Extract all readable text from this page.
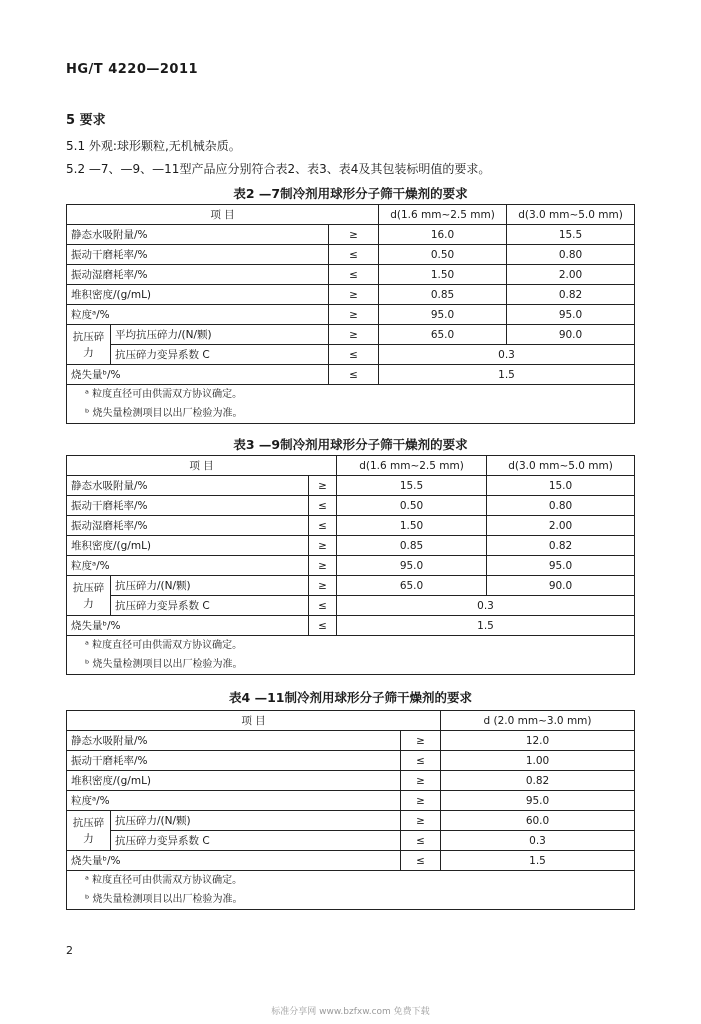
HG/T 4220—2011
5 要求
5.1 外观:球形颗粒,无机械杂质。
5.2 —7、—9、—11型产品应分别符合表2、表3、表4及其包装标明值的要求。
表2 —7制冷剂用球形分子筛干燥剂的要求
项 目			d(1.6 mm~2.5 mm)	d(3.0 mm~5.0 mm)
静态水吸附量/%		≥	16.0	15.5
振动干磨耗率/%		≤	0.50	0.80
振动湿磨耗率/%		≤	1.50	2.00
堆积密度/(g/mL)		≥	0.85	0.82
粒度ᵃ/%		≥	95.0	95.0
抗压碎力	平均抗压碎力/(N/颗)	≥	65.0	90.0
	抗压碎力变异系数 C	≤	0.3	
烧失量ᵇ/%		≤	1.5	
ᵃ 粒度直径可由供需双方协议确定。				
ᵇ 烧失量检测项目以出厂检验为准。				
表3 —9制冷剂用球形分子筛干燥剂的要求
项 目			d(1.6 mm~2.5 mm)	d(3.0 mm~5.0 mm)
静态水吸附量/%		≥	15.5	15.0
振动干磨耗率/%		≤	0.50	0.80
振动湿磨耗率/%		≤	1.50	2.00
堆积密度/(g/mL)		≥	0.85	0.82
粒度ᵃ/%		≥	95.0	95.0
抗压碎力	抗压碎力/(N/颗)	≥	65.0	90.0
	抗压碎力变异系数 C	≤	0.3	
烧失量ᵇ/%		≤	1.5	
ᵃ 粒度直径可由供需双方协议确定。				
ᵇ 烧失量检测项目以出厂检验为准。				
表4 —11制冷剂用球形分子筛干燥剂的要求
项 目			d (2.0 mm~3.0 mm)
静态水吸附量/%		≥	12.0
振动干磨耗率/%		≤	1.00
堆积密度/(g/mL)		≥	0.82
粒度ᵃ/%		≥	95.0
抗压碎力	抗压碎力/(N/颗)	≥	60.0
	抗压碎力变异系数 C	≤	0.3
烧失量ᵇ/%		≤	1.5
ᵃ 粒度直径可由供需双方协议确定。			
ᵇ 烧失量检测项目以出厂检验为准。			
2
标准分享网 www.bzfxw.com 免费下载
